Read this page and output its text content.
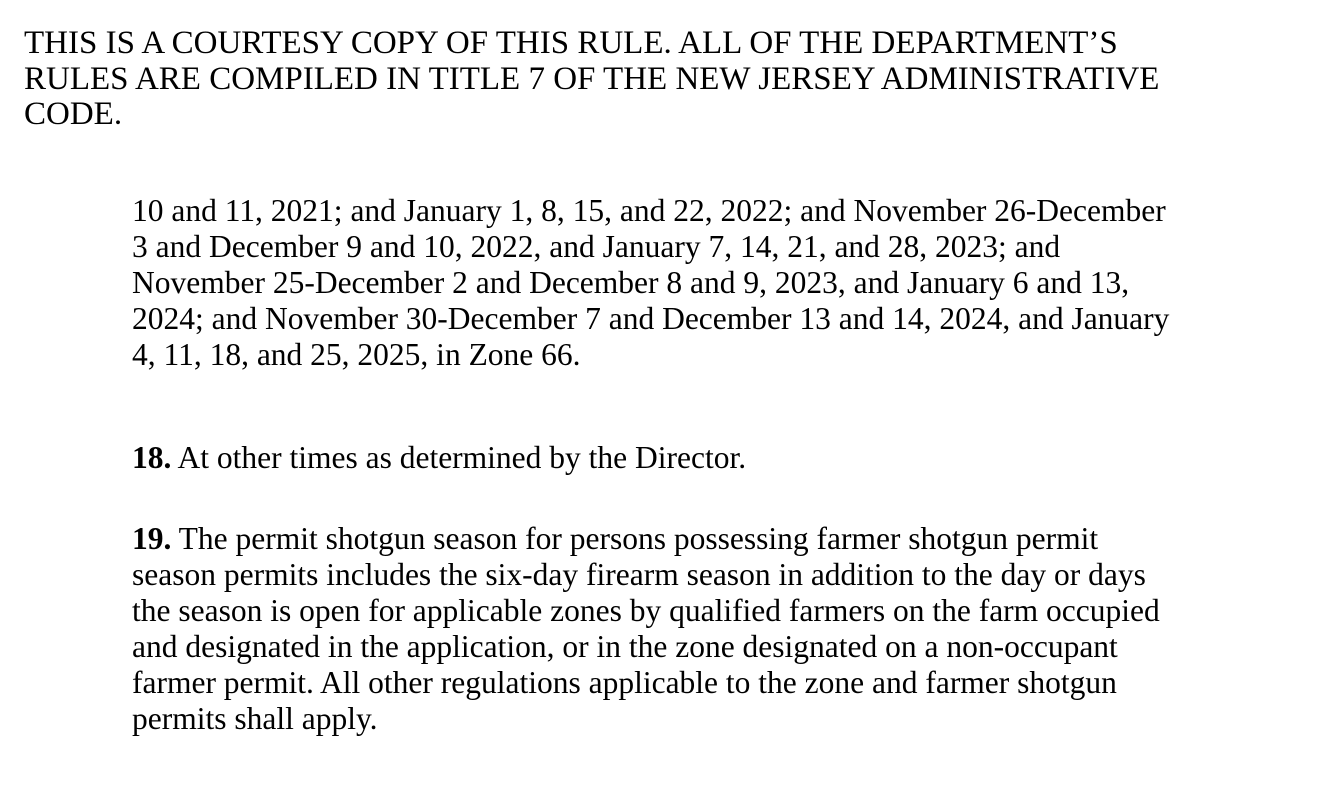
THIS IS A COURTESY COPY OF THIS RULE. ALL OF THE DEPARTMENT’S
RULES ARE COMPILED IN TITLE 7 OF THE NEW JERSEY ADMINISTRATIVE
CODE.
10 and 11, 2021; and January 1, 8, 15, and 22, 2022; and November 26-December
3 and December 9 and 10, 2022, and January 7, 14, 21, and 28, 2023; and
November 25-December 2 and December 8 and 9, 2023, and January 6 and 13,
2024; and November 30-December 7 and December 13 and 14, 2024, and January
4, 11, 18, and 25, 2025, in Zone 66.
18. At other times as determined by the Director.
19. The permit shotgun season for persons possessing farmer shotgun permit
season permits includes the six-day firearm season in addition to the day or days
the season is open for applicable zones by qualified farmers on the farm occupied
and designated in the application, or in the zone designated on a non-occupant
farmer permit. All other regulations applicable to the zone and farmer shotgun
permits shall apply.
